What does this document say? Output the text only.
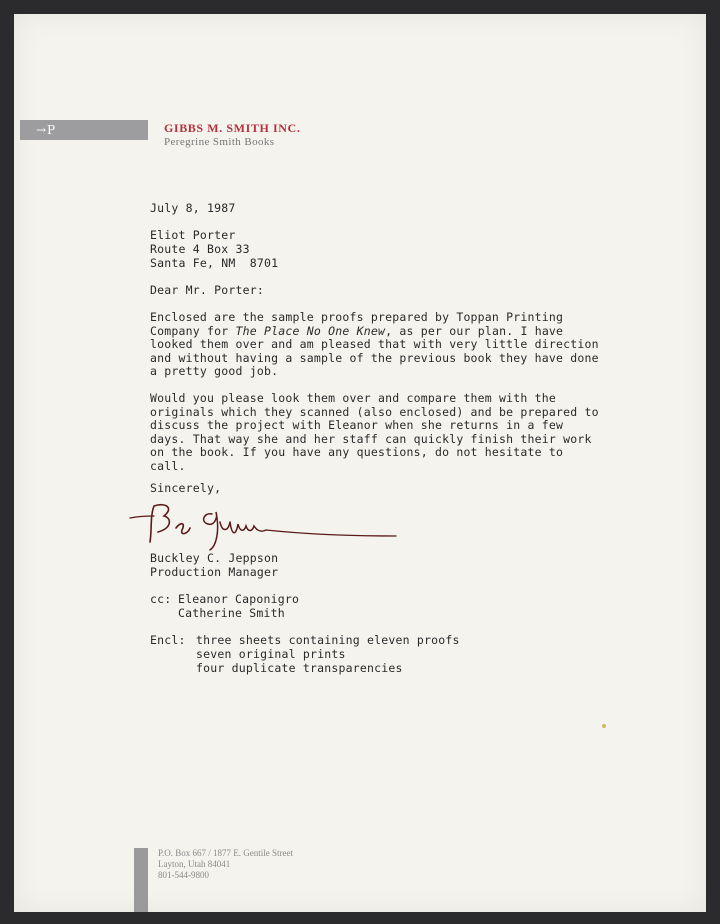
→P	GIBBS M. SMITH INC.
Peregrine Smith Books
July 8, 1987
Eliot Porter
Route 4 Box 33
Santa Fe, NM  8701
Dear Mr. Porter:

Enclosed are the sample proofs prepared by Toppan Printing Company for The Place No One Knew, as per our plan. I have looked them over and am pleased that with very little direction and without having a sample of the previous book they have done a pretty good job.

Would you please look them over and compare them with the originals which they scanned (also enclosed) and be prepared to discuss the project with Eleanor when she returns in a few days. That way she and her staff can quickly finish their work on the book. If you have any questions, do not hesitate to call.

Sincerely,
Buckley C. Jeppson
Production Manager
cc: Eleanor Caponigro
Catherine Smith
Encl: three sheets containing eleven proofs
seven original prints
four duplicate transparencies
P.O. Box 667 / 1877 E. Gentile Street
Layton, Utah 84041
801-544-9800
